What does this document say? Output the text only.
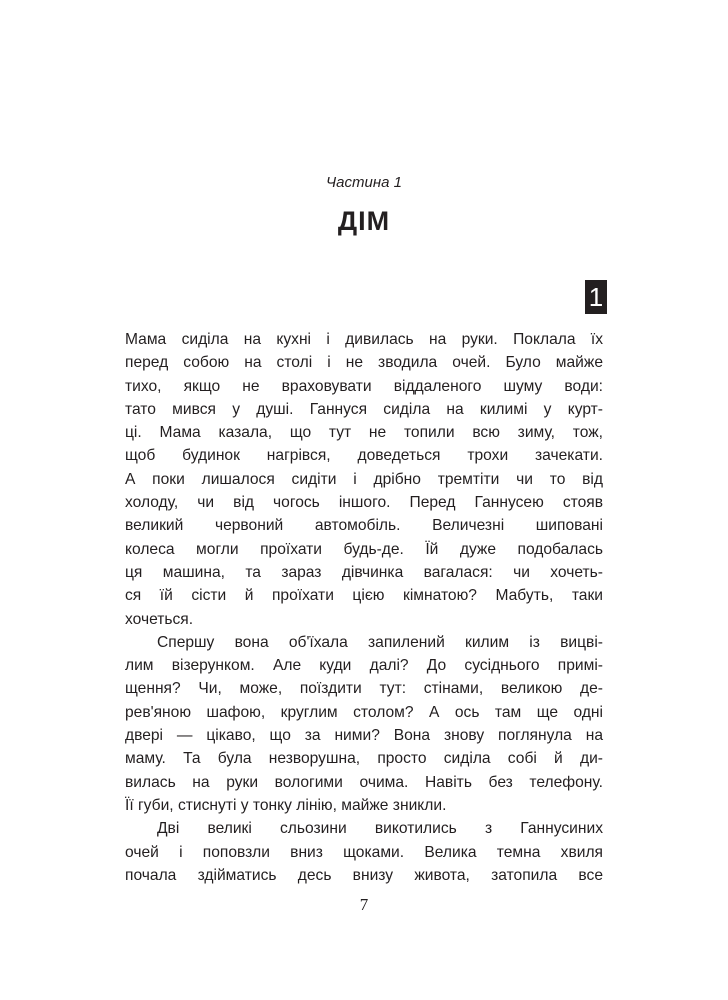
Частина 1
ДІМ
1
Мама сиділа на кухні і дивилась на руки. Поклала їх
перед собою на столі і не зводила очей. Було майже
тихо, якщо не враховувати віддаленого шуму води:
тато мився у душі. Ганнуся сиділа на килимі у курт-
ці. Мама казала, що тут не топили всю зиму, тож,
щоб будинок нагрівся, доведеться трохи зачекати.
А поки лишалося сидіти і дрібно тремтіти чи то від
холоду, чи від чогось іншого. Перед Ганнусею стояв
великий червоний автомобіль. Величезні шиповані
колеса могли проїхати будь-де. Їй дуже подобалась
ця машина, та зараз дівчинка вагалася: чи хочеть-
ся їй сісти й проїхати цією кімнатою? Мабуть, таки
хочеться.
Спершу вона об'їхала запилений килим із вицві-
лим візерунком. Але куди далі? До сусіднього примі-
щення? Чи, може, поїздити тут: стінами, великою де-
рев'яною шафою, круглим столом? А ось там ще одні
двері — цікаво, що за ними? Вона знову поглянула на
маму. Та була незворушна, просто сиділа собі й ди-
вилась на руки вологими очима. Навіть без телефону.
Її губи, стиснуті у тонку лінію, майже зникли.
Дві великі сльозини викотились з Ганнусиних
очей і поповзли вниз щоками. Велика темна хвиля
почала здійматись десь внизу живота, затопила все
7
